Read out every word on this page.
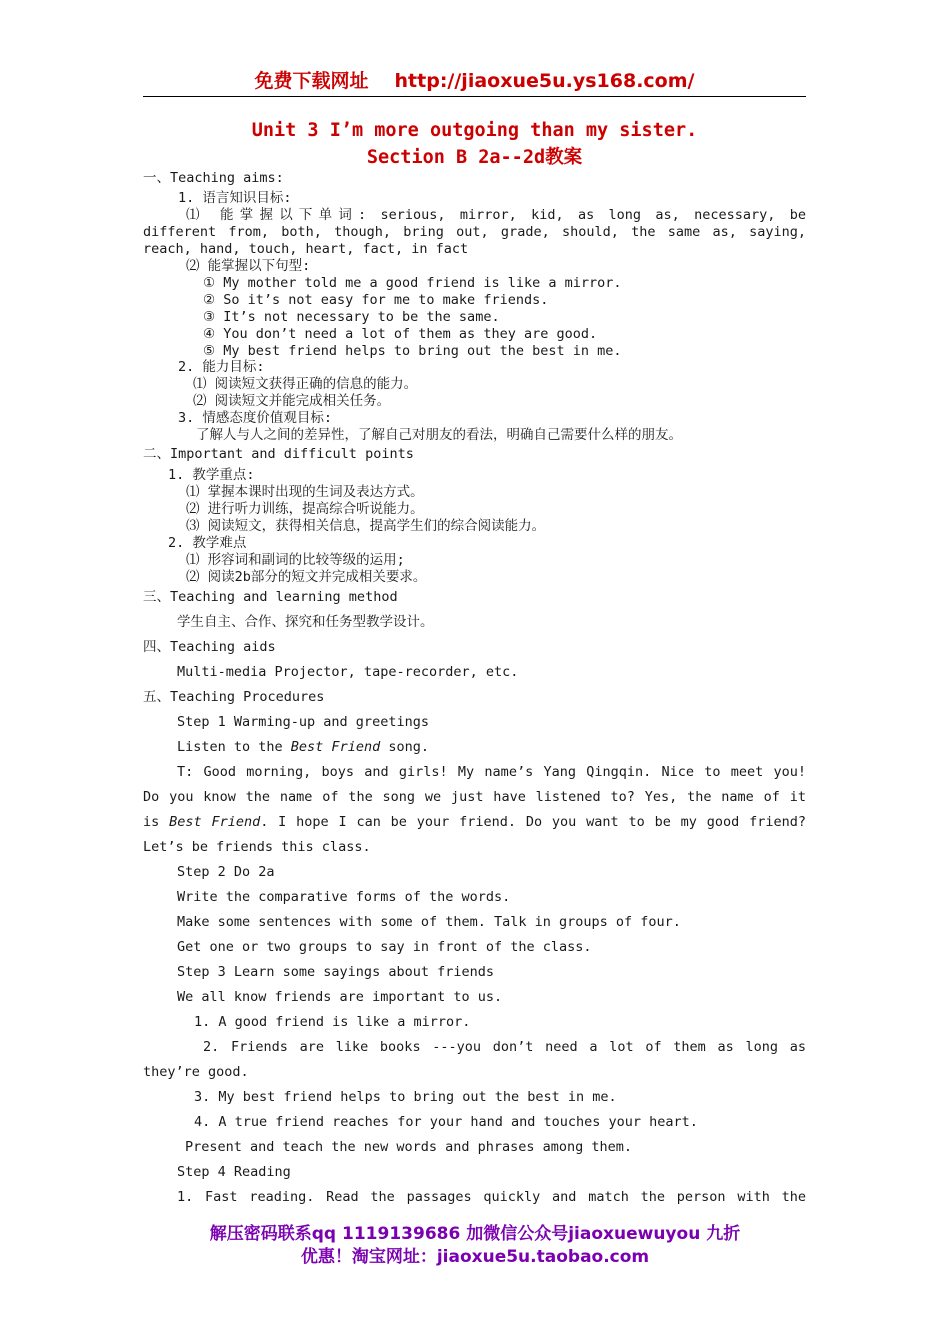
免费下载网址 http://jiaoxue5u.ys168.com/
Unit 3 I’m more outgoing than my sister.
Section B 2a--2d教案
一、Teaching aims:
1. 语言知识目标:
⑴ 能掌握以下单词: serious, mirror, kid, as long as, necessary, be
different from, both, though, bring out, grade, should, the same as, saying,
reach, hand, touch, heart, fact, in fact
⑵ 能掌握以下句型:
① My mother told me a good friend is like a mirror.
② So it’s not easy for me to make friends.
③ It’s not necessary to be the same.
④ You don’t need a lot of them as they are good.
⑤ My best friend helps to bring out the best in me.
2. 能力目标:
⑴ 阅读短文获得正确的信息的能力。
⑵ 阅读短文并能完成相关任务。
3. 情感态度价值观目标:
了解人与人之间的差异性，了解自己对朋友的看法，明确自己需要什么样的朋友。
二、Important and difficult points
1. 教学重点:
⑴ 掌握本课时出现的生词及表达方式。
⑵ 进行听力训练，提高综合听说能力。
⑶ 阅读短文，获得相关信息，提高学生们的综合阅读能力。
2. 教学难点
⑴ 形容词和副词的比较等级的运用;
⑵ 阅读2b部分的短文并完成相关要求。
三、Teaching and learning method
学生自主、合作、探究和任务型教学设计。
四、Teaching aids
Multi-media Projector, tape-recorder, etc.
五、Teaching Procedures
Step 1 Warming-up and greetings
Listen to the Best Friend song.
T: Good morning, boys and girls! My name’s Yang Qingqin. Nice to meet you!
Do you know the name of the song we just have listened to? Yes, the name of it
is Best Friend. I hope I can be your friend. Do you want to be my good friend?
Let’s be friends this class.
Step 2 Do 2a
Write the comparative forms of the words.
Make some sentences with some of them. Talk in groups of four.
Get one or two groups to say in front of the class.
Step 3 Learn some sayings about friends
We all know friends are important to us.
1. A good friend is like a mirror.
2. Friends are like books ---you don’t need a lot of them as long as
they’re good.
3. My best friend helps to bring out the best in me.
4. A true friend reaches for your hand and touches your heart.
Present and teach the new words and phrases among them.
Step 4 Reading
1. Fast reading. Read the passages quickly and match the person with the
解压密码联系qq 1119139686 加微信公众号jiaoxuewuyou 九折
优惠！淘宝网址：jiaoxue5u.taobao.com
